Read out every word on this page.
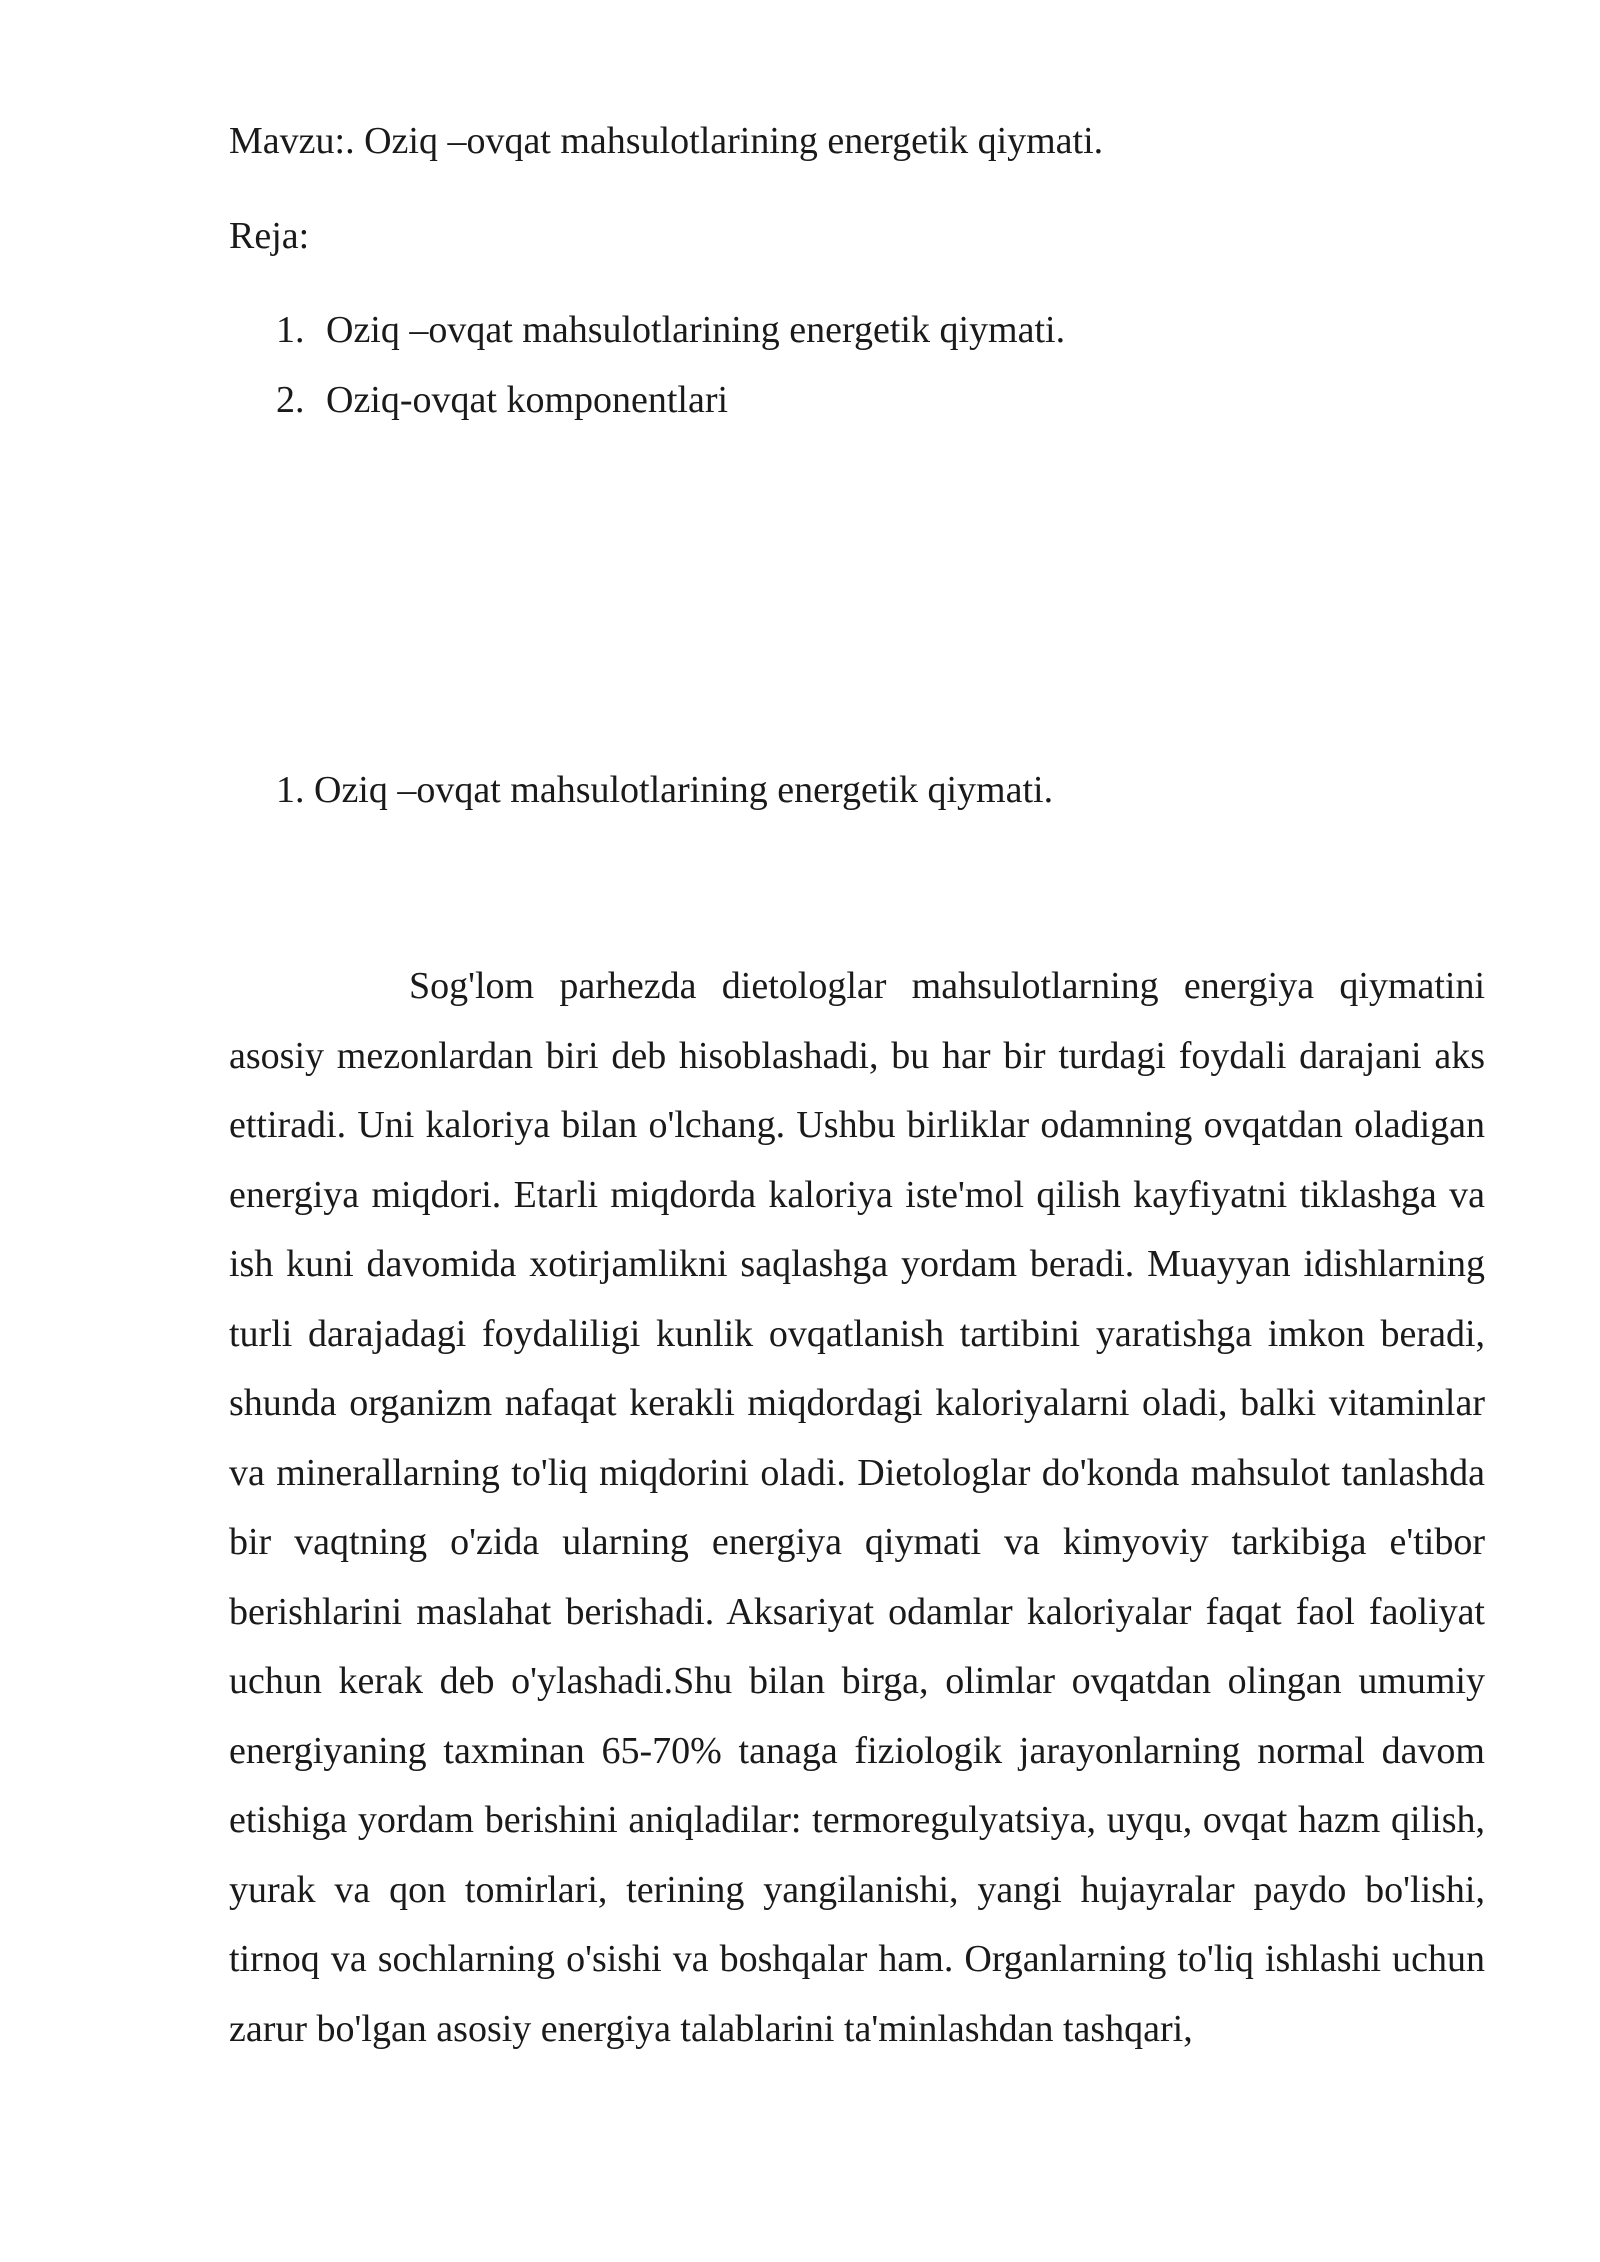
Mavzu:. Oziq –ovqat mahsulotlarining energetik qiymati.
Reja:
1. Oziq –ovqat mahsulotlarining energetik qiymati.
2. Oziq-ovqat komponentlari
1. Oziq –ovqat mahsulotlarining energetik qiymati.

Sog'lom parhezda dietologlar mahsulotlarning energiya qiymatini asosiy mezonlardan biri deb hisoblashadi, bu har bir turdagi foydali darajani aks ettiradi. Uni kaloriya bilan o'lchang. Ushbu birliklar odamning ovqatdan oladigan energiya miqdori. Etarli miqdorda kaloriya iste'mol qilish kayfiyatni tiklashga va ish kuni davomida xotirjamlikni saqlashga yordam beradi. Muayyan idishlarning turli darajadagi foydaliligi kunlik ovqatlanish tartibini yaratishga imkon beradi, shunda organizm nafaqat kerakli miqdordagi kaloriyalarni oladi, balki vitaminlar va minerallarning to'liq miqdorini oladi. Dietologlar do'konda mahsulot tanlashda bir vaqtning o'zida ularning energiya qiymati va kimyoviy tarkibiga e'tibor berishlarini maslahat berishadi. Aksariyat odamlar kaloriyalar faqat faol faoliyat uchun kerak deb o'ylashadi.Shu bilan birga, olimlar ovqatdan olingan umumiy energiyaning taxminan 65-70% tanaga fiziologik jarayonlarning normal davom etishiga yordam berishini aniqladilar: termoregulyatsiya, uyqu, ovqat hazm qilish, yurak va qon tomirlari, terining yangilanishi, yangi hujayralar paydo bo'lishi, tirnoq va sochlarning o'sishi va boshqalar ham. Organlarning to'liq ishlashi uchun zarur bo'lgan asosiy energiya talablarini ta'minlashdan tashqari,
